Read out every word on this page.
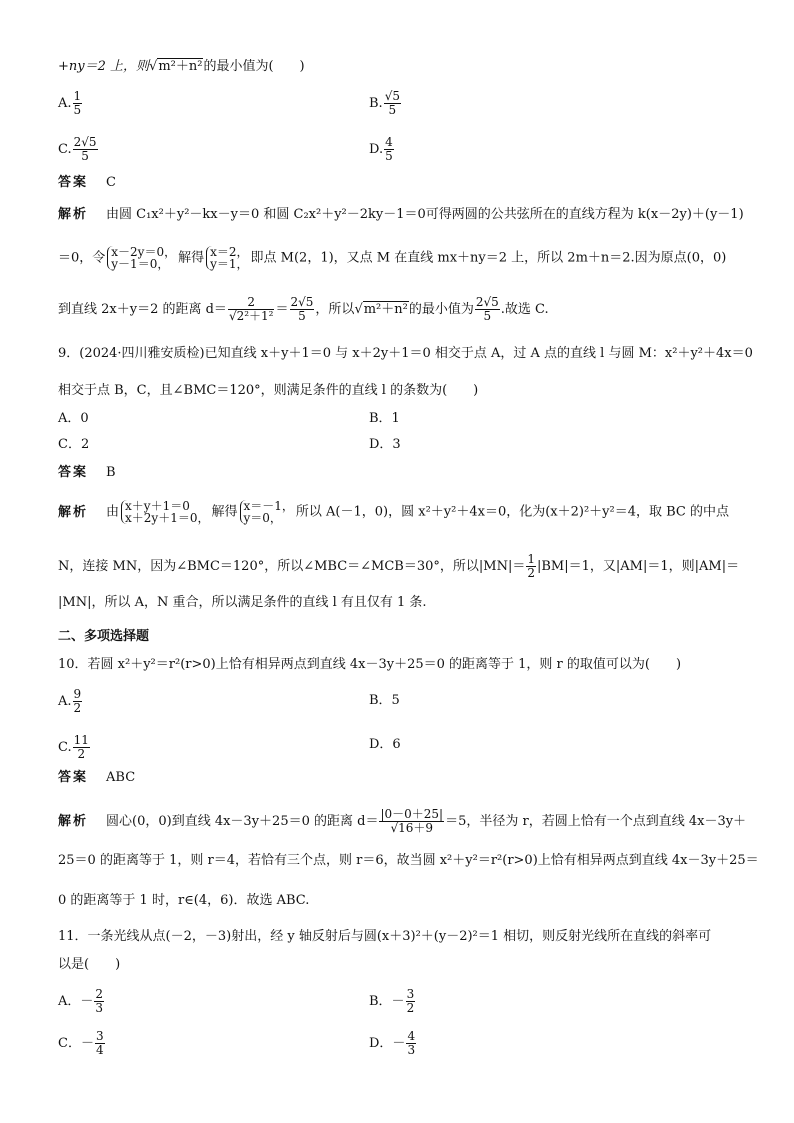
+ny＝2 上，则√m²＋n²的最小值为(　　)
A. $\frac{1}{5}$	B. $\frac{√5}{5}$
C. $\frac{2√5}{5}$	D. $\frac{4}{5}$
答案 C
解析 由圆 C₁x²＋y²－kx－y＝0 和圆 C₂x²＋y²－2ky－1＝0可得两圆的公共弦所在的直线方程为 k(x－2y)＋(y－1)
＝0，令 x－2y＝0，
y－1＝0， 解得 x＝2，
y＝1， 即点 M(2，1)，又点 M 在直线 mx＋ny＝2 上，所以 2m＋n＝2.因为原点(0，0)
到直线 2x＋y＝2 的距离 $d= \frac{2}{\text{√2²＋1²}} = \frac{2√5}{5}$ ，所以√m²＋n²的最小值为 $\frac{2√5}{5}$ .故选 C.
9．(2024·四川雅安质检)已知直线 x＋y＋1＝0 与 x＋2y＋1＝0 相交于点 A，过 A 点的直线 l 与圆 M：x²＋y²＋4x＝0
相交于点 B，C，且∠BMC＝120°，则满足条件的直线 l 的条数为(　　)
A．0	B．1
C．2	D．3
答案 B
解析 由 x＋y＋1＝0
x＋2y＋1＝0， 解得 x＝－1，
y＝0， 所以 A(－1，0)，圆 x²＋y²＋4x＝0，化为(x＋2)²＋y²＝4，取 BC 的中点
N，连接 MN，因为∠BMC＝120°，所以∠MBC＝∠MCB＝30°，所以$|MN|= \frac{1}{2} |BM|=1$，又|AM|＝1，则|AM|＝
|MN|，所以 A，N 重合，所以满足条件的直线 l 有且仅有 1 条.
二、多项选择题
10．若圆 x²＋y²＝r²(r>0)上恰有相异两点到直线 4x－3y＋25＝0 的距离等于 1，则 r 的取值可以为(　　)
A. $\frac{9}{2}$	B．5
C. $\frac{11}{2}$	D．6
答案 ABC
解析 圆心(0，0)到直线 4x－3y＋25＝0 的距离 $d= \frac{|0-0+25|}{√16+9} =5$，半径为 r，若圆上恰有一个点到直线 4x－3y＋
25＝0 的距离等于 1，则 r＝4，若恰有三个点，则 r＝6，故当圆 x²＋y²＝r²(r>0)上恰有相异两点到直线 4x－3y＋25＝
0 的距离等于 1 时，r∈(4，6)．故选 ABC.
11．一条光线从点(－2，－3)射出，经 y 轴反射后与圆(x＋3)²＋(y－2)²＝1 相切，则反射光线所在直线的斜率可
以是(　　)
A．－ $\frac{2}{3}$	B．－ $\frac{3}{2}$
C．－ $\frac{3}{4}$	D．－ $\frac{4}{3}$
